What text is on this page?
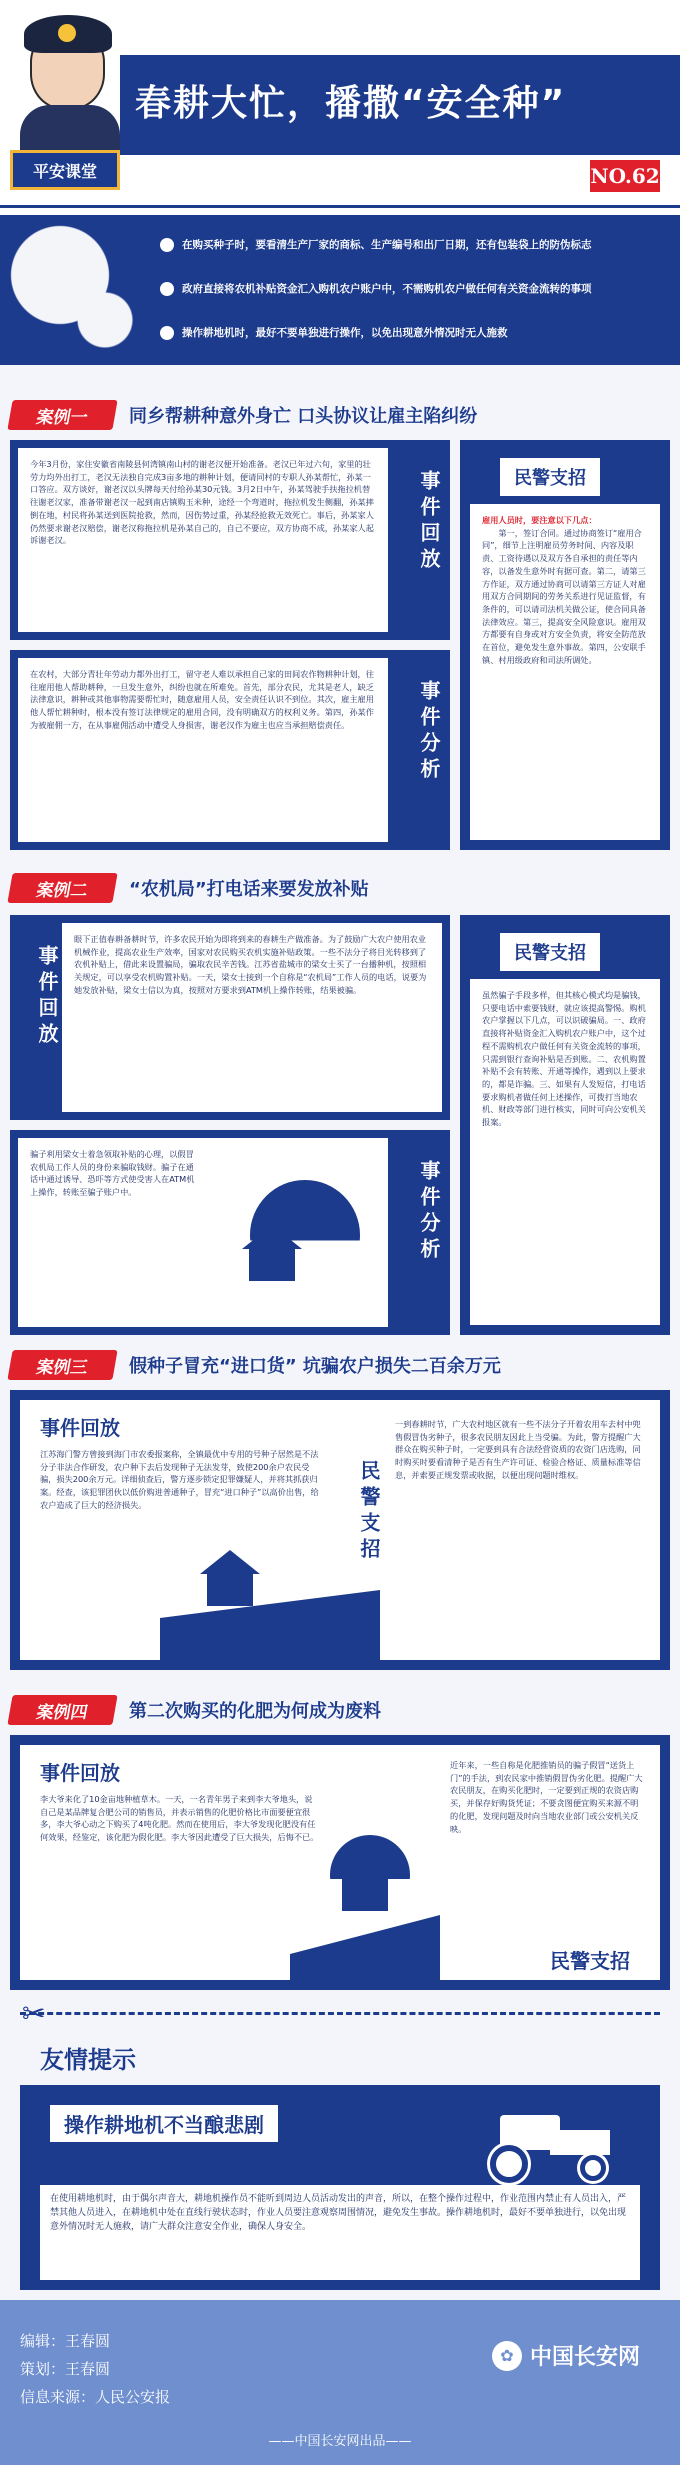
春耕大忙，播撒“安全种”
平安课堂	NO.62
在购买种子时，要看清生产厂家的商标、生产编号和出厂日期，还有包装袋上的防伪标志
政府直接将农机补贴资金汇入购机农户账户中，不需购机农户做任何有关资金流转的事项
操作耕地机时，最好不要单独进行操作，以免出现意外情况时无人施救
案例一	同乡帮耕种意外身亡 口头协议让雇主陷纠纷
今年3月份，家住安徽省南陵县何湾镇南山村的谢老汉便开始准备。老汉已年过六旬，家里的壮劳力均外出打工，老汉无法独自完成3亩多地的耕种计划，便请同村的专职人孙某帮忙，孙某一口答应。双方谈好，谢老汉以头牌每天付给孙某30元钱。3月2日中午，孙某驾驶手扶拖拉机替往谢老汉家，准备带谢老汉一起到南店镇购玉米种，途经一个弯道时，拖拉机发生侧翻，孙某摔倒在地，村民将孙某送到医院抢救，然而，因伤势过重，孙某经抢救无效死亡。事后，孙某家人仍然要求谢老汉赔偿，谢老汉称拖拉机是孙某自己的，自己不要应，双方协商不成，孙某家人起诉谢老汉。	事件回放	民警支招
雇用人员时，要注意以下几点：

第一，签订合同。通过协商签订“雇用合同”，细节上注明雇员劳务时间、内容及职责、工资待遇以及双方各自承担的责任等内容，以备发生意外时有据可查。第二，请第三方作证，双方通过协商可以请第三方证人对雇用双方合同期间的劳务关系进行见证监督，有条件的，可以请司法机关做公证，使合同具备法律效应。第三，提高安全风险意识。雇用双方都要有自身或对方安全负责，将安全防范放在首位，避免发生意外事故。第四，公安联手镇、村用级政府和司法所调处。

在农村，大部分青壮年劳动力都外出打工，留守老人难以承担自己家的田间农作物耕种计划，往往雇用他人帮助耕种，一旦发生意外，纠纷也就在所难免。首先，部分农民，尤其是老人，缺乏法律意识，耕种或其他事物需要帮忙时，随意雇用人员，安全责任认识不到位。其次，雇主雇用他人帮忙耕种时，根本没有签订法律规定的雇用合同，没有明确双方的权利义务。第四，孙某作为被雇佣一方，在从事雇佣活动中遭受人身损害，谢老汉作为雇主也应当承担赔偿责任。	事件分析
案例二	“农机局”打电话来要发放补贴
事件回放
眼下正值春耕备耕时节，许多农民开始为即将到来的春耕生产做准备。为了鼓励广大农户使用农业机械作业，提高农业生产效率，国家对农民购买农机实施补贴政策。一些不法分子将目光转移到了农机补贴上，借此来设置骗局，骗取农民辛苦钱。江苏省盐城市的梁女士买了一台播种机，按照相关规定，可以享受农机购置补贴。一天，梁女士接到一个自称是“农机局”工作人员的电话，说要为她发放补贴，梁女士信以为真，按照对方要求到ATM机上操作转账，结果被骗。
民警支招
虽然骗子手段多样，但其核心模式均是骗钱，只要电话中索要钱财，就应该提高警惕。购机农户掌握以下几点，可以识破骗局。一、政府直接将补贴资金汇入购机农户账户中，这个过程不需购机农户做任何有关资金流转的事项，只需到银行查询补贴是否到账。二、农机购置补贴不会有转账、开通等操作，遇到以上要求的，都是诈骗。三、如果有人发短信，打电话要求购机者做任何上述操作，可拨打当地农机、财政等部门进行核实，同时可向公安机关报案。
骗子利用梁女士着急领取补贴的心理，以假冒农机局工作人员的身份来骗取钱财。骗子在通话中通过诱导、恐吓等方式使受害人在ATM机上操作，转账至骗子账户中。	事件分析
案例三	假种子冒充“进口货” 坑骗农户损失二百余万元
事件回放
江苏海门警方曾接到海门市农委报案称，全镇最优中专用的号种子居然是不法分子非法合作研发，农户种下去后发现种子无法发芽，致使200余户农民受骗，损失200余万元。详细侦查后，警方逐步锁定犯罪嫌疑人，并将其抓获归案。经查，该犯罪团伙以低价购进普通种子，冒充“进口种子”以高价出售，给农户造成了巨大的经济损失。	民警支招
一到春耕时节，广大农村地区就有一些不法分子开着农用车去村中兜售假冒伪劣种子，很多农民朋友因此上当受骗。为此，警方提醒广大群众在购买种子时，一定要到具有合法经营资质的农资门店选购，同时购买时要看清种子是否有生产许可证、检验合格证、质量标准等信息，并索要正规发票或收据，以便出现问题时维权。
案例四	第二次购买的化肥为何成为废料
事件回放
李大爷来化了10金亩地种植草木。一天，一名青年男子来到李大爷地头，说自己是某品牌复合肥公司的销售员，并表示销售的化肥价格比市面要便宜很多，李大爷心动之下购买了4吨化肥。然而在使用后，李大爷发现化肥没有任何效果，经鉴定，该化肥为假化肥。李大爷因此遭受了巨大损失，后悔不已。
近年来，一些自称是化肥推销员的骗子假冒“送货上门”的手法，到农民家中推销假冒伪劣化肥。提醒广大农民朋友，在购买化肥时，一定要到正规的农资店购买，并保存好购货凭证；不要贪图便宜购买来源不明的化肥，发现问题及时向当地农业部门或公安机关反映。
民警支招
✂
友情提示
操作耕地机不当酿悲剧
在使用耕地机时，由于偶尔声音大，耕地机操作员不能听到周边人员活动发出的声音，所以，在整个操作过程中，作业范围内禁止有人员出入，严禁其他人员进入，在耕地机中处在直线行驶状态时，作业人员要注意观察周围情况，避免发生事故。操作耕地机时，最好不要单独进行，以免出现意外情况时无人施救，请广大群众注意安全作业，确保人身安全。
编辑：王春圆
策划：王春圆
信息来源：人民公安报
✿ 中国长安网
——中国长安网出品——
